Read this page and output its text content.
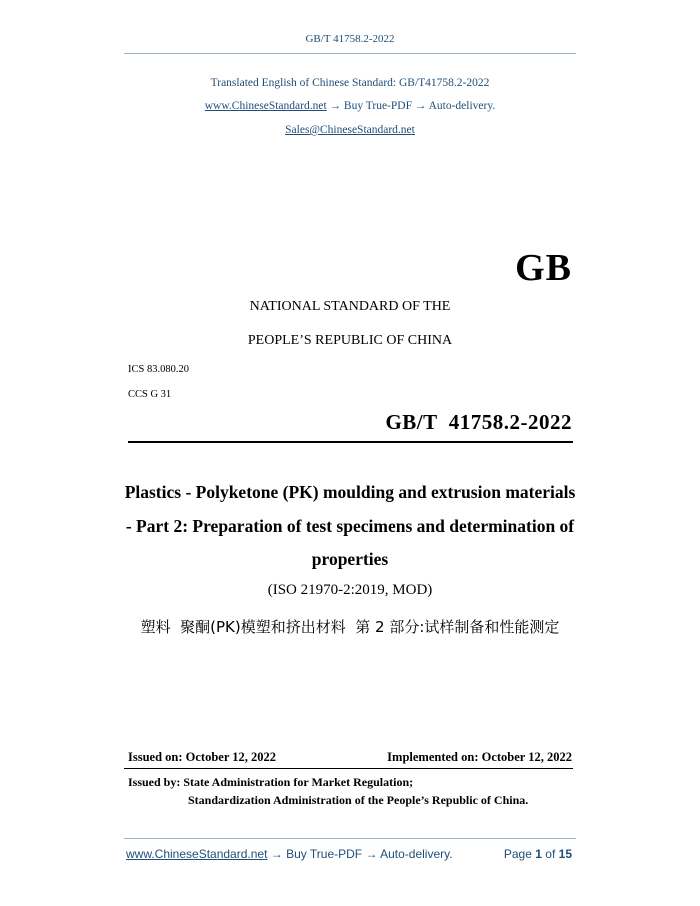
GB/T 41758.2-2022
Translated English of Chinese Standard: GB/T41758.2-2022
www.ChineseStandard.net → Buy True-PDF → Auto-delivery.
Sales@ChineseStandard.net
GB
NATIONAL STANDARD OF THE
PEOPLE’S REPUBLIC OF CHINA
ICS 83.080.20
CCS G 31
GB/T  41758.2-2022
Plastics - Polyketone (PK) moulding and extrusion materials
- Part 2: Preparation of test specimens and determination of
properties
(ISO 21970-2:2019, MOD)
塑料  聚酮(PK)模塑和挤出材料  第 2 部分:试样制备和性能测定
Issued on: October 12, 2022	Implemented on: October 12, 2022
Issued by: State Administration for Market Regulation;
Standardization Administration of the People’s Republic of China.
www.ChineseStandard.net → Buy True-PDF → Auto-delivery.	Page 1 of 15
